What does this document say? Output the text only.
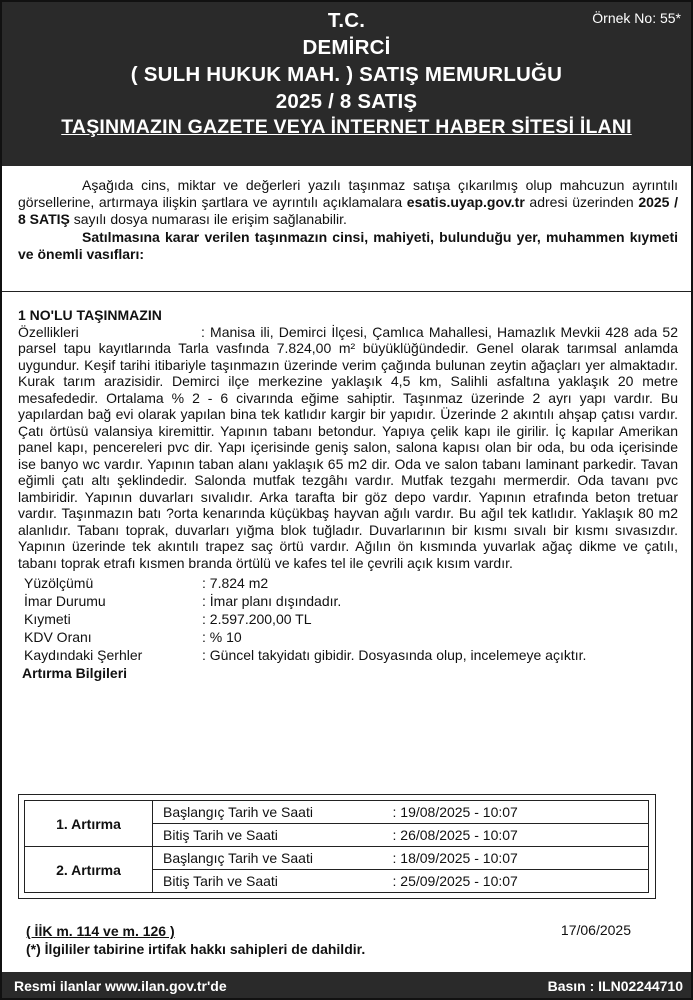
Örnek No: 55*
T.C.
DEMİRCİ
( SULH HUKUK MAH. ) SATIŞ MEMURLUĞU
2025 / 8 SATIŞ
TAŞINMAZIN GAZETE VEYA İNTERNET HABER SİTESİ İLANI

Aşağıda cins, miktar ve değerleri yazılı taşınmaz satışa çıkarılmış olup mahcuzun ayrıntılı görsellerine, artırmaya ilişkin şartlara ve ayrıntılı açıklamalara esatis.uyap.gov.tr adresi üzerinden 2025 / 8 SATIŞ sayılı dosya numarası ile erişim sağlanabilir.

Satılmasına karar verilen taşınmazın cinsi, mahiyeti, bulunduğu yer, muhammen kıymeti ve önemli vasıfları:

1 NO'LU TAŞINMAZIN
Özellikleri	: Manisa ili, Demirci İlçesi, Çamlıca Mahallesi, Hamazlık Mevkii 428 ada 52 parsel tapu kayıtlarında Tarla vasfında 7.824,00 m² büyüklüğündedir. Genel olarak tarımsal anlamda uygundur. Keşif tarihi itibariyle taşınmazın üzerinde verim çağında bulunan zeytin ağaçları yer almaktadır. Kurak tarım arazisidir. Demirci ilçe merkezine yaklaşık 4,5 km, Salihli asfaltına yaklaşık 20 metre mesafededir. Ortalama % 2 - 6 civarında eğime sahiptir. Taşınmaz üzerinde 2 ayrı yapı vardır. Bu yapılardan bağ evi olarak yapılan bina tek katlıdır kargir bir yapıdır. Üzerinde 2 akıntılı ahşap çatısı vardır. Çatı örtüsü valansiya kiremittir. Yapının tabanı betondur. Yapıya çelik kapı ile girilir. İç kapılar Amerikan panel kapı, pencereleri pvc dir. Yapı içerisinde geniş salon, salona kapısı olan bir oda, bu oda içerisinde ise banyo wc vardır. Yapının taban alanı yaklaşık 65 m2 dir. Oda ve salon tabanı laminant parkedir. Tavan eğimli çatı altı şeklindedir. Salonda mutfak tezgâhı vardır. Mutfak tezgahı mermerdir. Oda tavanı pvc lambiridir. Yapının duvarları sıvalıdır. Arka tarafta bir göz depo vardır. Yapının etrafında beton tretuar vardır. Taşınmazın batı ?orta kenarında küçükbaş hayvan ağılı vardır. Bu ağıl tek katlıdır. Yaklaşık 80 m2 alanlıdır. Tabanı toprak, duvarları yığma blok tuğladır. Duvarlarının bir kısmı sıvalı bir kısmı sıvasızdır. Yapının üzerinde tek akıntılı trapez saç örtü vardır. Ağılın ön kısmında yuvarlak ağaç dikme ve çatılı, tabanı toprak etrafı kısmen branda örtülü ve kafes tel ile çevrili açık kısım vardır.
Yüzölçümü	: 7.824 m2
İmar Durumu	: İmar planı dışındadır.
Kıymeti	: 2.597.200,00 TL
KDV Oranı	: % 10
Kaydındaki Şerhler	: Güncel takyidatı gibidir. Dosyasında olup, incelemeye açıktır.
Artırma Bilgileri
1. Artırma	Başlangıç Tarih ve Saati	: 19/08/2025 - 10:07
	Bitiş Tarih ve Saati	: 26/08/2025 - 10:07
2. Artırma	Başlangıç Tarih ve Saati	: 18/09/2025 - 10:07
	Bitiş Tarih ve Saati	: 25/09/2025 - 10:07
( İİK m. 114 ve m. 126 )
(*) İlgililer tabirine irtifak hakkı sahipleri de dahildir.
17/06/2025
Resmi ilanlar www.ilan.gov.tr'de	Basın : ILN02244710
